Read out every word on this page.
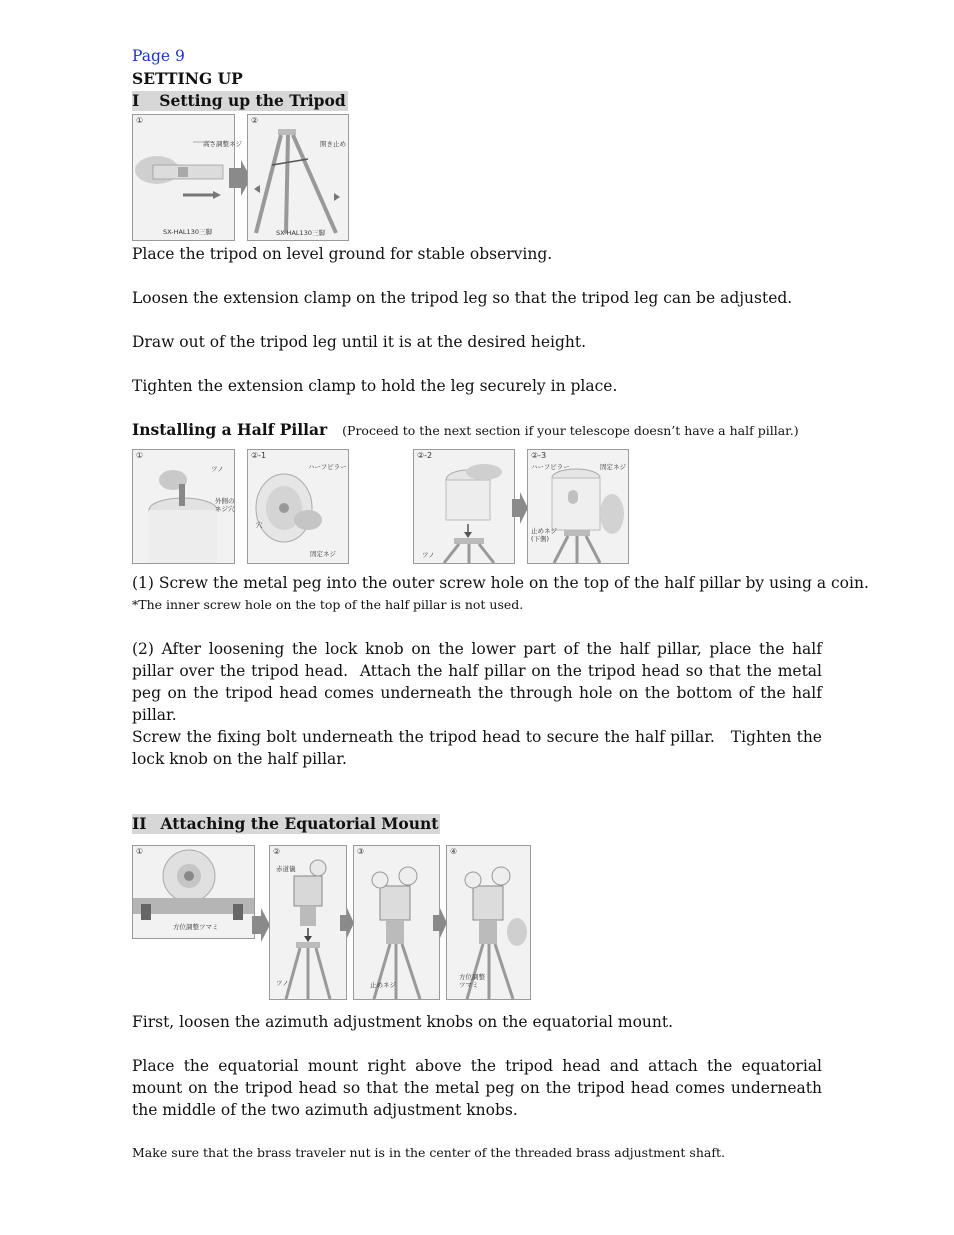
Page 9
SETTING UP
I Setting up the Tripod
①
高さ調整ネジ
SX-HAL130三脚
②
開き止め
SX-HAL130三脚

Place the tripod on level ground for stable observing.

Loosen the extension clamp on the tripod leg so that the tripod leg can be adjusted.

Draw out of the tripod leg until it is at the desired height.

Tighten the extension clamp to hold the leg securely in place.

Installing a Half Pillar (Proceed to the next section if your telescope doesn’t have a half pillar.)
①
ツノ
外側の
ネジ穴
②-1
ハーフピラー
穴
固定ネジ
②-2
ツノ
②-3
ハーフピラー	固定ネジ
止めネジ
(下側)

(1) Screw the metal peg into the outer screw hole on the top of the half pillar by using a coin.

*The inner screw hole on the top of the half pillar is not used.

(2) After loosening the lock knob on the lower part of the half pillar, place the half pillar over the tripod head.  Attach the half pillar on the tripod head so that the metal peg on the tripod head comes underneath the through hole on the bottom of the half pillar.

Screw the fixing bolt underneath the tripod head to secure the half pillar.   Tighten the lock knob on the half pillar.

II Attaching the Equatorial Mount
①
方位調整ツマミ
②
赤道儀
ツノ
③
止めネジ
④
方位調整
ツマミ

First, loosen the azimuth adjustment knobs on the equatorial mount.

Place the equatorial mount right above the tripod head and attach the equatorial mount on the tripod head so that the metal peg on the tripod head comes underneath the middle of the two azimuth adjustment knobs.

Make sure that the brass traveler nut is in the center of the threaded brass adjustment shaft.
